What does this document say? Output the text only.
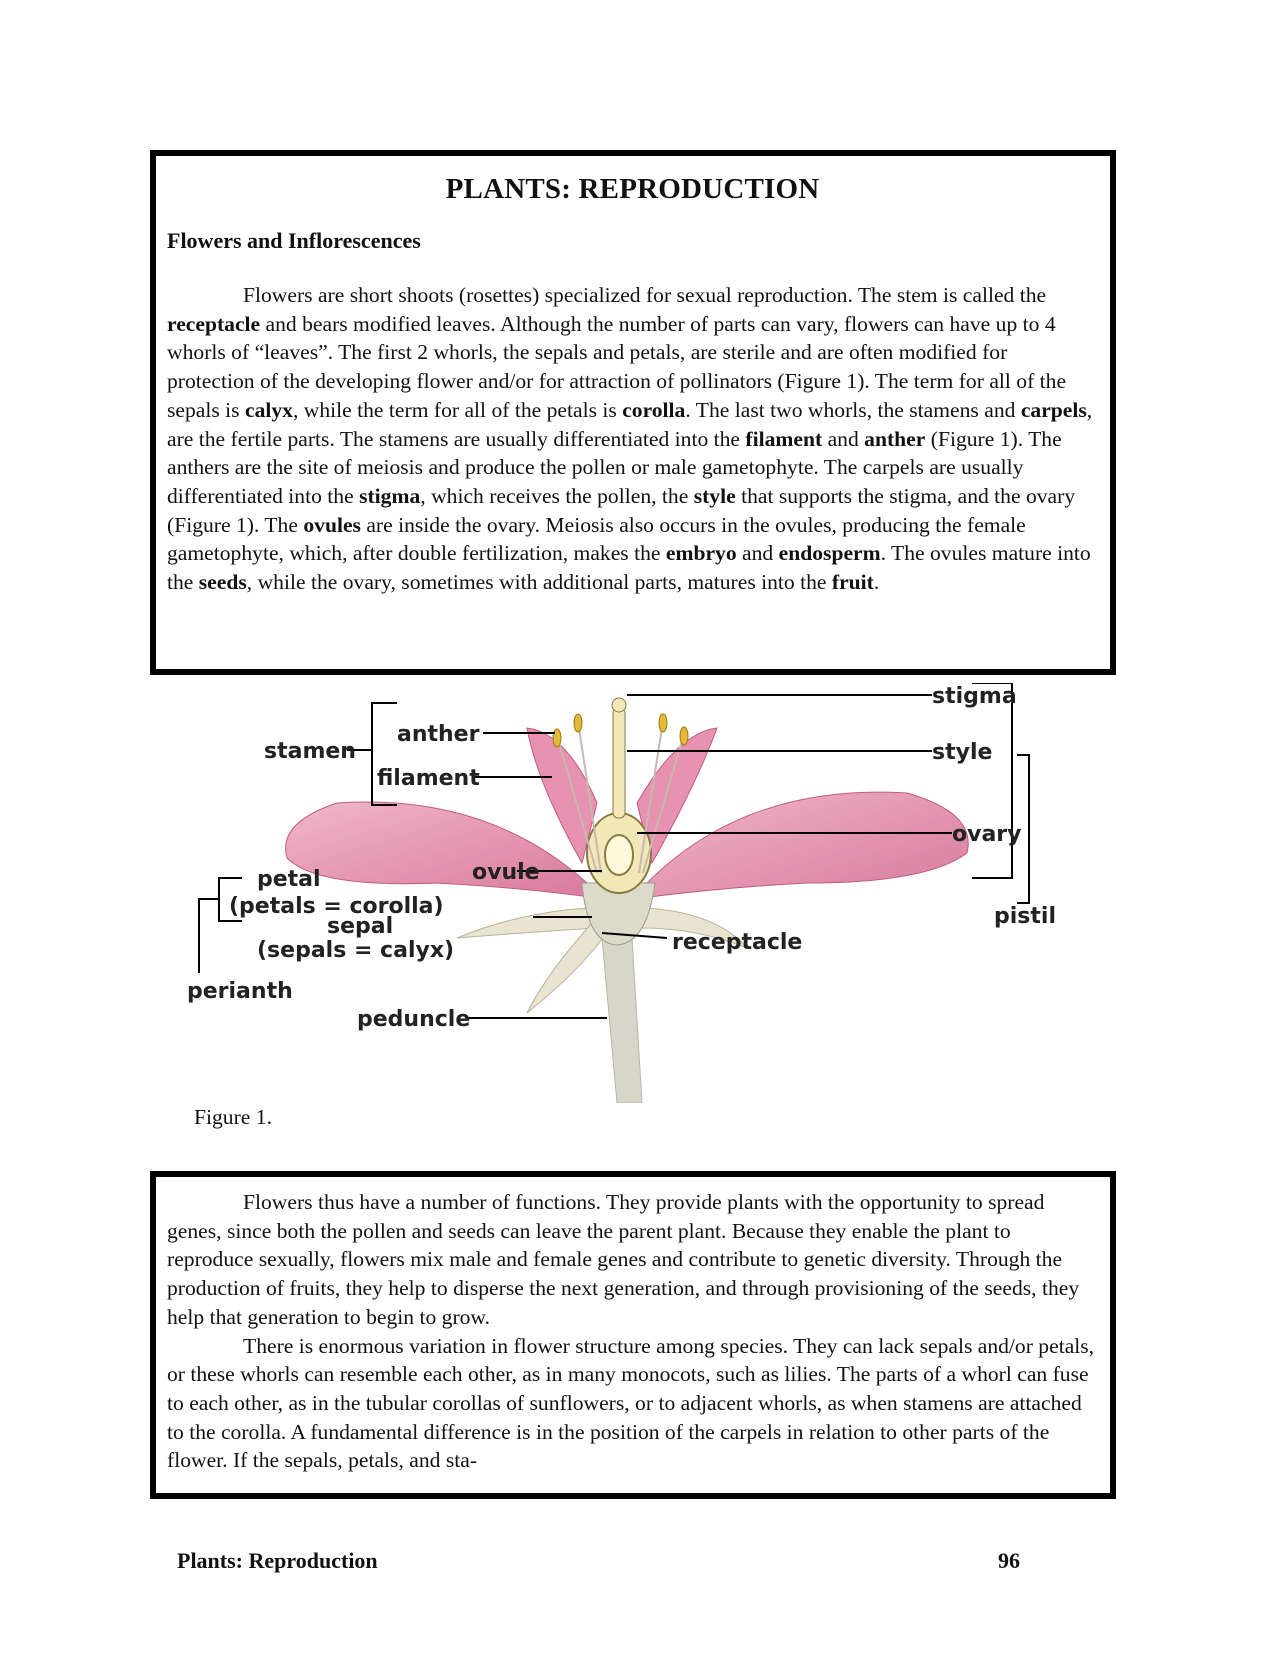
PLANTS: REPRODUCTION
Flowers and Inflorescences

Flowers are short shoots (rosettes) specialized for sexual reproduction. The stem is called the receptacle and bears modified leaves. Although the number of parts can vary, flowers can have up to 4 whorls of “leaves”. The first 2 whorls, the sepals and petals, are sterile and are often modified for protection of the developing flower and/or for attraction of pollinators (Figure 1). The term for all of the sepals is calyx, while the term for all of the petals is corolla. The last two whorls, the stamens and carpels, are the fertile parts. The stamens are usually differentiated into the filament and anther (Figure 1). The anthers are the site of meiosis and produce the pollen or male gametophyte. The carpels are usually differentiated into the stigma, which receives the pollen, the style that supports the stigma, and the ovary (Figure 1). The ovules are inside the ovary. Meiosis also occurs in the ovules, producing the female gametophyte, which, after double fertilization, makes the embryo and endosperm. The ovules mature into the seeds, while the ovary, sometimes with additional parts, matures into the fruit.

stigma
style
ovary
pistil
anther
stamen
filament
ovule
petal
(petals = corolla)
sepal
(sepals = calyx)	receptacle
perianth
peduncle
Figure 1.

Flowers thus have a number of functions. They provide plants with the opportunity to spread genes, since both the pollen and seeds can leave the parent plant. Because they enable the plant to reproduce sexually, flowers mix male and female genes and contribute to genetic diversity. Through the production of fruits, they help to disperse the next generation, and through provisioning of the seeds, they help that generation to begin to grow.

There is enormous variation in flower structure among species. They can lack sepals and/or petals, or these whorls can resemble each other, as in many monocots, such as lilies. The parts of a whorl can fuse to each other, as in the tubular corollas of sunflowers, or to adjacent whorls, as when stamens are attached to the corolla. A fundamental difference is in the position of the carpels in relation to other parts of the flower. If the sepals, petals, and sta-

Plants: Reproduction	96
